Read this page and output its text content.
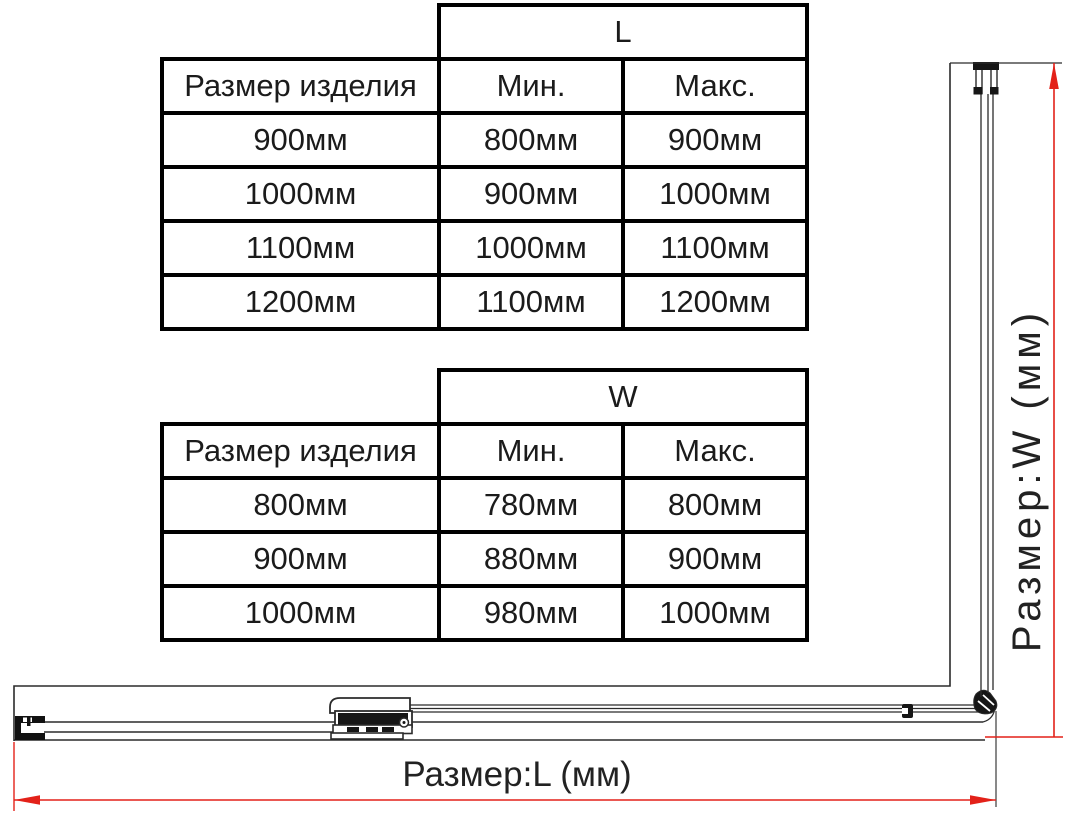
Размер:L (мм)
Размер:W (мм)
	L	
Размер изделия	Мин.	Макс.
900мм	800мм	900мм
1000мм	900мм	1000мм
1100мм	1000мм	1100мм
1200мм	1100мм	1200мм
	W	
Размер изделия	Мин.	Макс.
800мм	780мм	800мм
900мм	880мм	900мм
1000мм	980мм	1000мм
